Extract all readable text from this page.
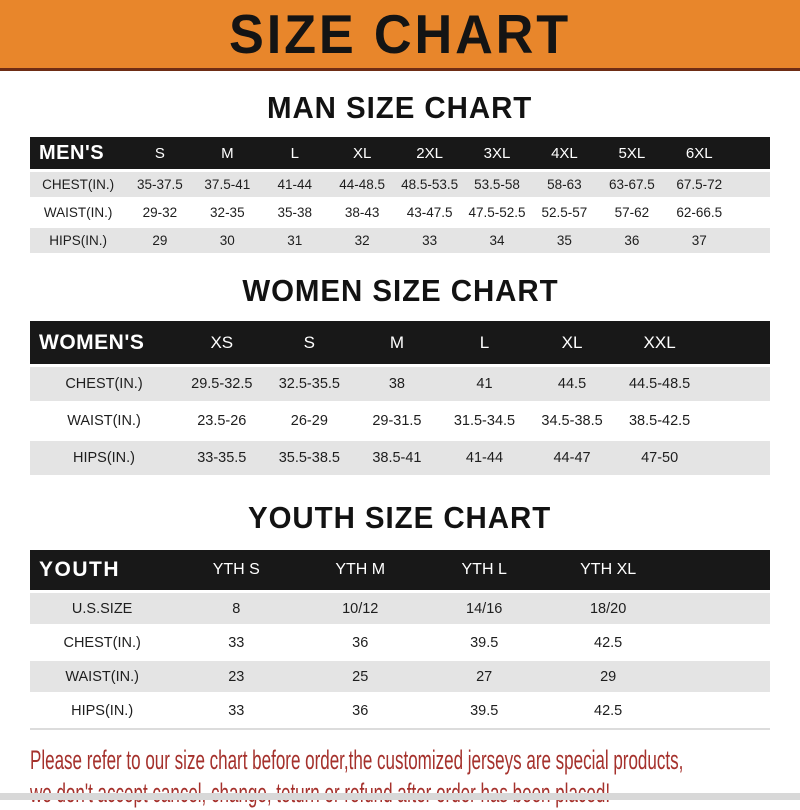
SIZE CHART
MAN SIZE CHART
MEN'S	S	M	L	XL	2XL	3XL	4XL	5XL	6XL	
CHEST(IN.)	35-37.5	37.5-41	41-44	44-48.5	48.5-53.5	53.5-58	58-63	63-67.5	67.5-72	
WAIST(IN.)	29-32	32-35	35-38	38-43	43-47.5	47.5-52.5	52.5-57	57-62	62-66.5	
HIPS(IN.)	29	30	31	32	33	34	35	36	37	
WOMEN SIZE CHART
WOMEN'S	XS	S	M	L	XL	XXL	
CHEST(IN.)	29.5-32.5	32.5-35.5	38	41	44.5	44.5-48.5	
WAIST(IN.)	23.5-26	26-29	29-31.5	31.5-34.5	34.5-38.5	38.5-42.5	
HIPS(IN.)	33-35.5	35.5-38.5	38.5-41	41-44	44-47	47-50	
YOUTH SIZE CHART
YOUTH	YTH S	YTH M	YTH L	YTH XL	
U.S.SIZE	8	10/12	14/16	18/20	
CHEST(IN.)	33	36	39.5	42.5	
WAIST(IN.)	23	25	27	29	
HIPS(IN.)	33	36	39.5	42.5	
Please refer to our size chart before order,the customized jerseys are special products,
